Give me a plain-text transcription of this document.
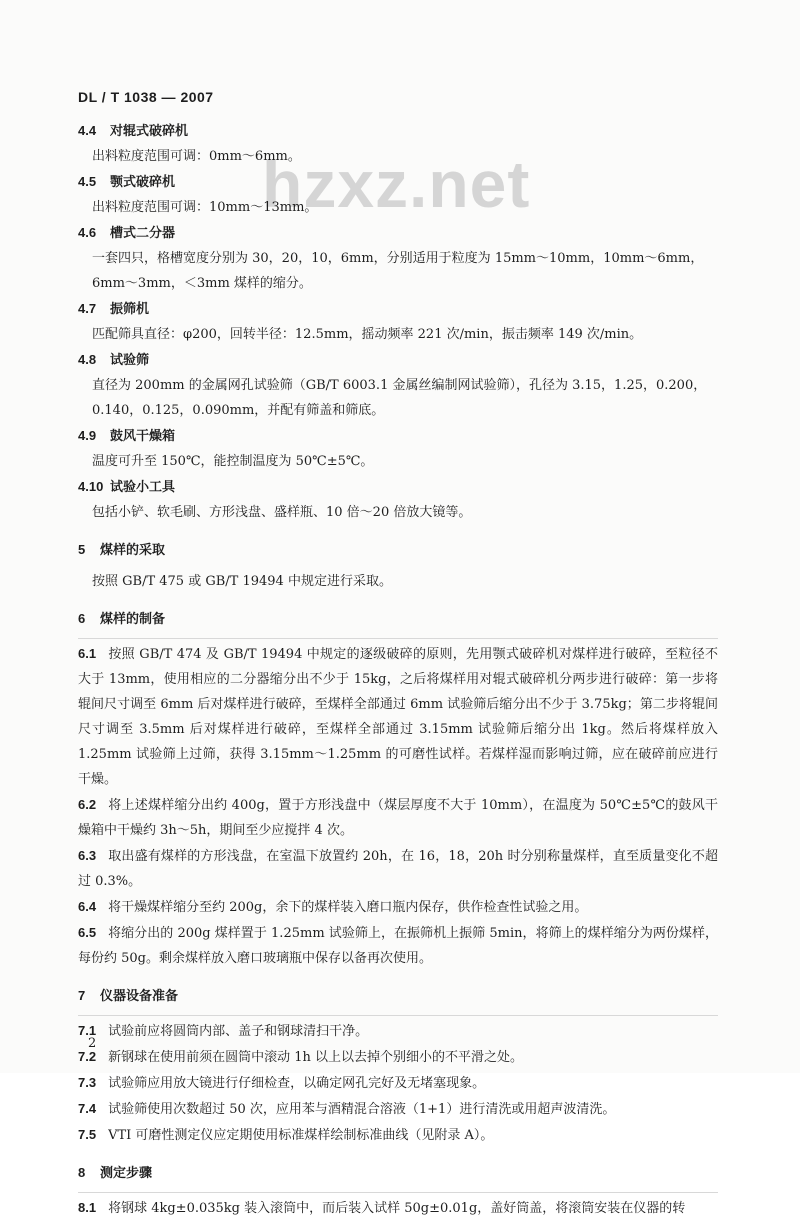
DL / T 1038 — 2007
hzxz.net

4.4 对辊式破碎机

出料粒度范围可调：0mm～6mm。

4.5 颚式破碎机

出料粒度范围可调：10mm～13mm。

4.6 槽式二分器

一套四只，格槽宽度分别为 30，20，10，6mm，分别适用于粒度为 15mm～10mm，10mm～6mm，6mm～3mm，＜3mm 煤样的缩分。

4.7 振筛机

匹配筛具直径：φ200，回转半径：12.5mm，摇动频率 221 次/min，振击频率 149 次/min。

4.8 试验筛

直径为 200mm 的金属网孔试验筛（GB/T 6003.1 金属丝编制网试验筛），孔径为 3.15，1.25，0.200，0.140，0.125，0.090mm，并配有筛盖和筛底。

4.9 鼓风干燥箱

温度可升至 150℃，能控制温度为 50℃±5℃。

4.10 试验小工具

包括小铲、软毛刷、方形浅盘、盛样瓶、10 倍～20 倍放大镜等。

5 煤样的采取

按照 GB/T 475 或 GB/T 19494 中规定进行采取。

6 煤样的制备

6.1 按照 GB/T 474 及 GB/T 19494 中规定的逐级破碎的原则，先用颚式破碎机对煤样进行破碎，至粒径不大于 13mm，使用相应的二分器缩分出不少于 15kg，之后将煤样用对辊式破碎机分两步进行破碎：第一步将辊间尺寸调至 6mm 后对煤样进行破碎，至煤样全部通过 6mm 试验筛后缩分出不少于 3.75kg；第二步将辊间尺寸调至 3.5mm 后对煤样进行破碎，至煤样全部通过 3.15mm 试验筛后缩分出 1kg。然后将煤样放入 1.25mm 试验筛上过筛，获得 3.15mm～1.25mm 的可磨性试样。若煤样湿而影响过筛，应在破碎前应进行干燥。

6.2 将上述煤样缩分出约 400g，置于方形浅盘中（煤层厚度不大于 10mm），在温度为 50℃±5℃的鼓风干燥箱中干燥约 3h～5h，期间至少应搅拌 4 次。

6.3 取出盛有煤样的方形浅盘，在室温下放置约 20h，在 16，18，20h 时分别称量煤样，直至质量变化不超过 0.3%。

6.4 将干燥煤样缩分至约 200g，余下的煤样装入磨口瓶内保存，供作检查性试验之用。

6.5 将缩分出的 200g 煤样置于 1.25mm 试验筛上，在振筛机上振筛 5min，将筛上的煤样缩分为两份煤样，每份约 50g。剩余煤样放入磨口玻璃瓶中保存以备再次使用。

7 仪器设备准备

7.1 试验前应将圆筒内部、盖子和钢球清扫干净。

7.2 新钢球在使用前须在圆筒中滚动 1h 以上以去掉个别细小的不平滑之处。

7.3 试验筛应用放大镜进行仔细检查，以确定网孔完好及无堵塞现象。

7.4 试验筛使用次数超过 50 次，应用苯与酒精混合溶液（1+1）进行清洗或用超声波清洗。

7.5 VTI 可磨性测定仪应定期使用标准煤样绘制标准曲线（见附录 A）。

8 测定步骤

8.1 将钢球 4kg±0.035kg 装入滚筒中，而后装入试样 50g±0.01g，盖好筒盖，将滚筒安装在仪器的转

2
